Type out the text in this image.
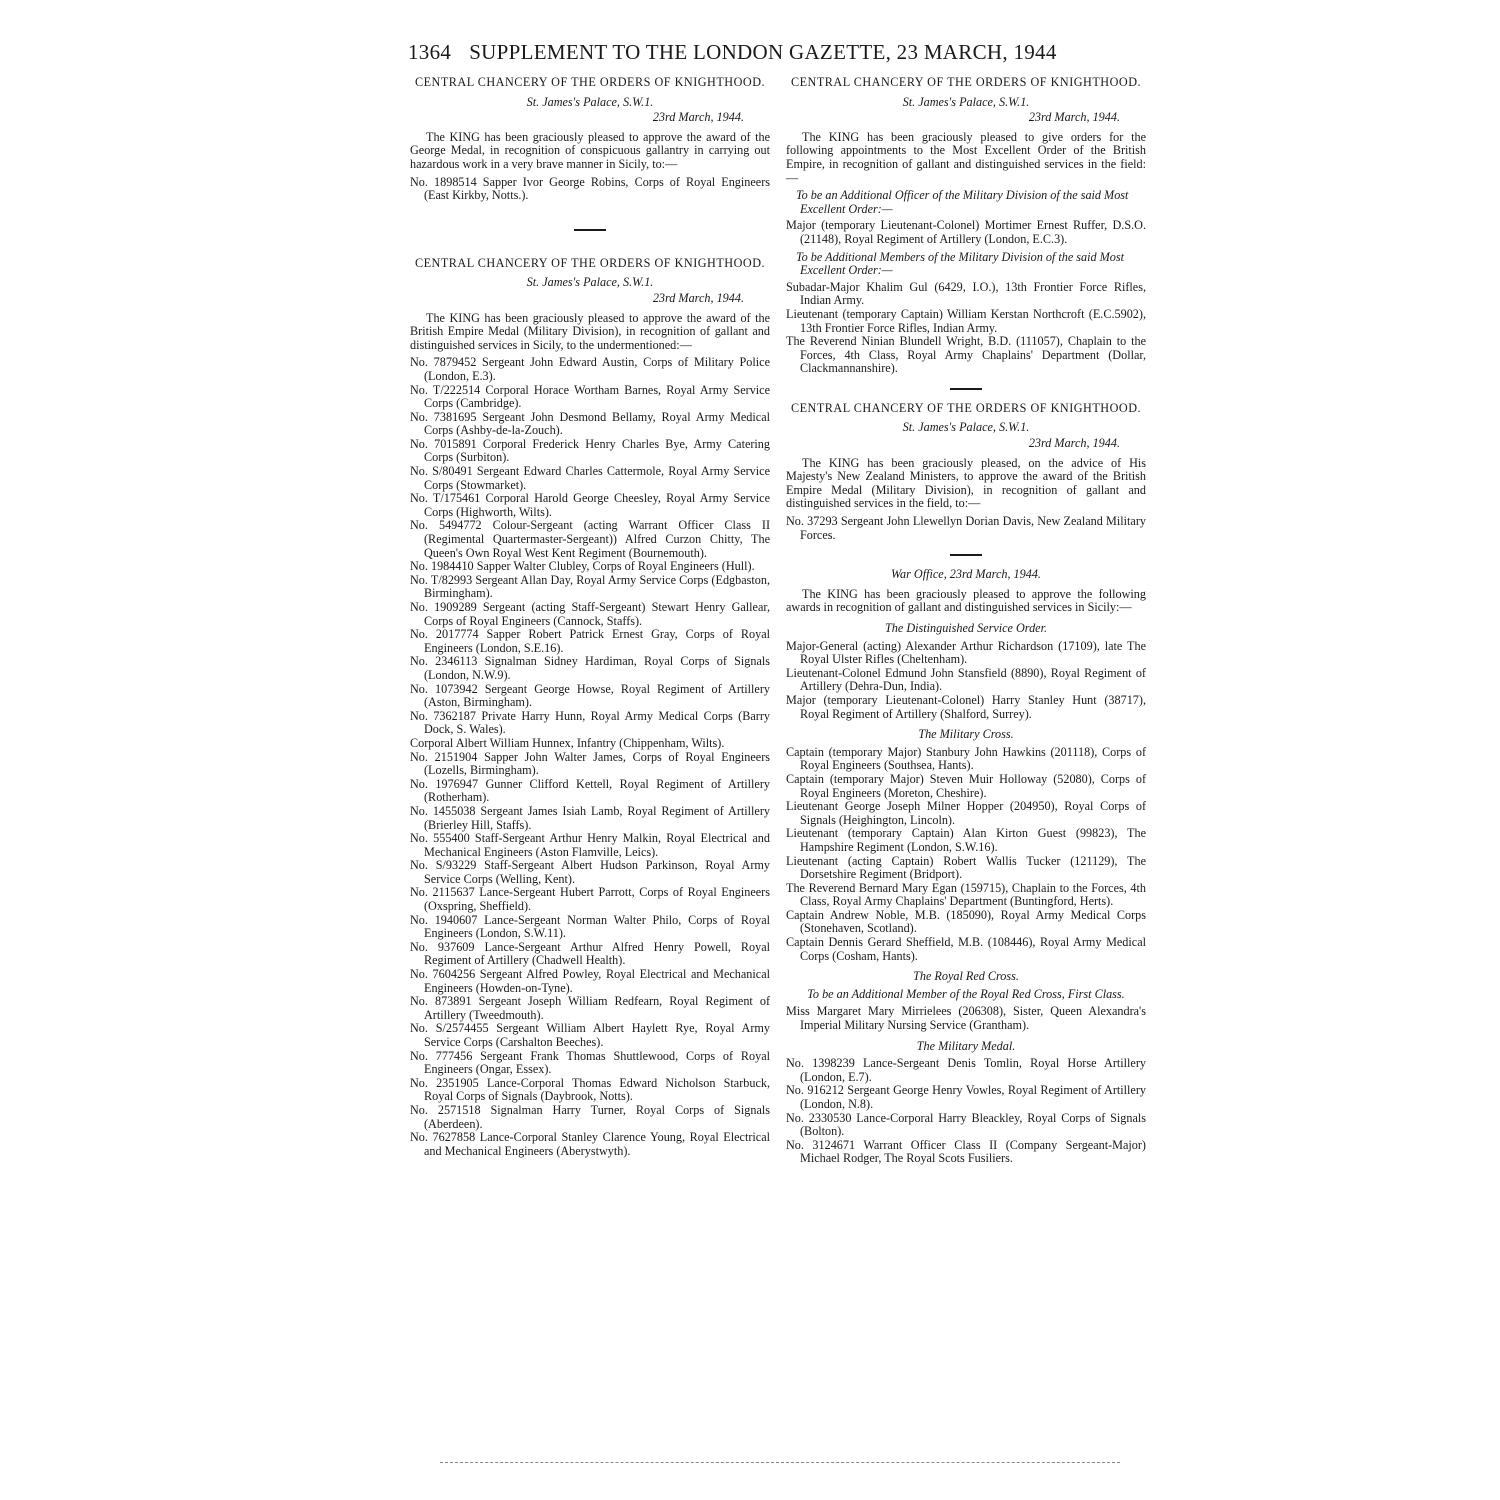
1364 SUPPLEMENT TO THE LONDON GAZETTE, 23 MARCH, 1944

CENTRAL CHANCERY OF THE ORDERS OF KNIGHTHOOD.

St. James's Palace, S.W.1.

23rd March, 1944.

The KING has been graciously pleased to approve the award of the George Medal, in recognition of conspicuous gallantry in carrying out hazardous work in a very brave manner in Sicily, to:—

No. 1898514 Sapper Ivor George Robins, Corps of Royal Engineers (East Kirkby, Notts.).

CENTRAL CHANCERY OF THE ORDERS OF KNIGHTHOOD.

St. James's Palace, S.W.1.

23rd March, 1944.

The KING has been graciously pleased to approve the award of the British Empire Medal (Military Division), in recognition of gallant and distinguished services in Sicily, to the undermentioned:—

No. 7879452 Sergeant John Edward Austin, Corps of Military Police (London, E.3).

No. T/222514 Corporal Horace Wortham Barnes, Royal Army Service Corps (Cambridge).

No. 7381695 Sergeant John Desmond Bellamy, Royal Army Medical Corps (Ashby-de-la-Zouch).

No. 7015891 Corporal Frederick Henry Charles Bye, Army Catering Corps (Surbiton).

No. S/80491 Sergeant Edward Charles Cattermole, Royal Army Service Corps (Stowmarket).

No. T/175461 Corporal Harold George Cheesley, Royal Army Service Corps (Highworth, Wilts).

No. 5494772 Colour-Sergeant (acting Warrant Officer Class II (Regimental Quartermaster-Sergeant)) Alfred Curzon Chitty, The Queen's Own Royal West Kent Regiment (Bournemouth).

No. 1984410 Sapper Walter Clubley, Corps of Royal Engineers (Hull).

No. T/82993 Sergeant Allan Day, Royal Army Service Corps (Edgbaston, Birmingham).

No. 1909289 Sergeant (acting Staff-Sergeant) Stewart Henry Gallear, Corps of Royal Engineers (Cannock, Staffs).

No. 2017774 Sapper Robert Patrick Ernest Gray, Corps of Royal Engineers (London, S.E.16).

No. 2346113 Signalman Sidney Hardiman, Royal Corps of Signals (London, N.W.9).

No. 1073942 Sergeant George Howse, Royal Regiment of Artillery (Aston, Birmingham).

No. 7362187 Private Harry Hunn, Royal Army Medical Corps (Barry Dock, S. Wales).

Corporal Albert William Hunnex, Infantry (Chippenham, Wilts).

No. 2151904 Sapper John Walter James, Corps of Royal Engineers (Lozells, Birmingham).

No. 1976947 Gunner Clifford Kettell, Royal Regiment of Artillery (Rotherham).

No. 1455038 Sergeant James Isiah Lamb, Royal Regiment of Artillery (Brierley Hill, Staffs).

No. 555400 Staff-Sergeant Arthur Henry Malkin, Royal Electrical and Mechanical Engineers (Aston Flamville, Leics).

No. S/93229 Staff-Sergeant Albert Hudson Parkinson, Royal Army Service Corps (Welling, Kent).

No. 2115637 Lance-Sergeant Hubert Parrott, Corps of Royal Engineers (Oxspring, Sheffield).

No. 1940607 Lance-Sergeant Norman Walter Philo, Corps of Royal Engineers (London, S.W.11).

No. 937609 Lance-Sergeant Arthur Alfred Henry Powell, Royal Regiment of Artillery (Chadwell Health).

No. 7604256 Sergeant Alfred Powley, Royal Electrical and Mechanical Engineers (Howden-on-Tyne).

No. 873891 Sergeant Joseph William Redfearn, Royal Regiment of Artillery (Tweedmouth).

No. S/2574455 Sergeant William Albert Haylett Rye, Royal Army Service Corps (Carshalton Beeches).

No. 777456 Sergeant Frank Thomas Shuttlewood, Corps of Royal Engineers (Ongar, Essex).

No. 2351905 Lance-Corporal Thomas Edward Nicholson Starbuck, Royal Corps of Signals (Daybrook, Notts).

No. 2571518 Signalman Harry Turner, Royal Corps of Signals (Aberdeen).

No. 7627858 Lance-Corporal Stanley Clarence Young, Royal Electrical and Mechanical Engineers (Aberystwyth).

CENTRAL CHANCERY OF THE ORDERS OF KNIGHTHOOD.

St. James's Palace, S.W.1.

23rd March, 1944.

The KING has been graciously pleased to give orders for the following appointments to the Most Excellent Order of the British Empire, in recognition of gallant and distinguished services in the field:—

To be an Additional Officer of the Military Division of the said Most Excellent Order:—

Major (temporary Lieutenant-Colonel) Mortimer Ernest Ruffer, D.S.O. (21148), Royal Regiment of Artillery (London, E.C.3).

To be Additional Members of the Military Division of the said Most Excellent Order:—

Subadar-Major Khalim Gul (6429, I.O.), 13th Frontier Force Rifles, Indian Army.

Lieutenant (temporary Captain) William Kerstan Northcroft (E.C.5902), 13th Frontier Force Rifles, Indian Army.

The Reverend Ninian Blundell Wright, B.D. (111057), Chaplain to the Forces, 4th Class, Royal Army Chaplains' Department (Dollar, Clackmannanshire).

CENTRAL CHANCERY OF THE ORDERS OF KNIGHTHOOD.

St. James's Palace, S.W.1.

23rd March, 1944.

The KING has been graciously pleased, on the advice of His Majesty's New Zealand Ministers, to approve the award of the British Empire Medal (Military Division), in recognition of gallant and distinguished services in the field, to:—

No. 37293 Sergeant John Llewellyn Dorian Davis, New Zealand Military Forces.

War Office, 23rd March, 1944.

The KING has been graciously pleased to approve the following awards in recognition of gallant and distinguished services in Sicily:—

The Distinguished Service Order.

Major-General (acting) Alexander Arthur Richardson (17109), late The Royal Ulster Rifles (Cheltenham).

Lieutenant-Colonel Edmund John Stansfield (8890), Royal Regiment of Artillery (Dehra-Dun, India).

Major (temporary Lieutenant-Colonel) Harry Stanley Hunt (38717), Royal Regiment of Artillery (Shalford, Surrey).

The Military Cross.

Captain (temporary Major) Stanbury John Hawkins (201118), Corps of Royal Engineers (Southsea, Hants).

Captain (temporary Major) Steven Muir Holloway (52080), Corps of Royal Engineers (Moreton, Cheshire).

Lieutenant George Joseph Milner Hopper (204950), Royal Corps of Signals (Heighington, Lincoln).

Lieutenant (temporary Captain) Alan Kirton Guest (99823), The Hampshire Regiment (London, S.W.16).

Lieutenant (acting Captain) Robert Wallis Tucker (121129), The Dorsetshire Regiment (Bridport).

The Reverend Bernard Mary Egan (159715), Chaplain to the Forces, 4th Class, Royal Army Chaplains' Department (Buntingford, Herts).

Captain Andrew Noble, M.B. (185090), Royal Army Medical Corps (Stonehaven, Scotland).

Captain Dennis Gerard Sheffield, M.B. (108446), Royal Army Medical Corps (Cosham, Hants).

The Royal Red Cross.

To be an Additional Member of the Royal Red Cross, First Class.

Miss Margaret Mary Mirrielees (206308), Sister, Queen Alexandra's Imperial Military Nursing Service (Grantham).

The Military Medal.

No. 1398239 Lance-Sergeant Denis Tomlin, Royal Horse Artillery (London, E.7).

No. 916212 Sergeant George Henry Vowles, Royal Regiment of Artillery (London, N.8).

No. 2330530 Lance-Corporal Harry Bleackley, Royal Corps of Signals (Bolton).

No. 3124671 Warrant Officer Class II (Company Sergeant-Major) Michael Rodger, The Royal Scots Fusiliers.
